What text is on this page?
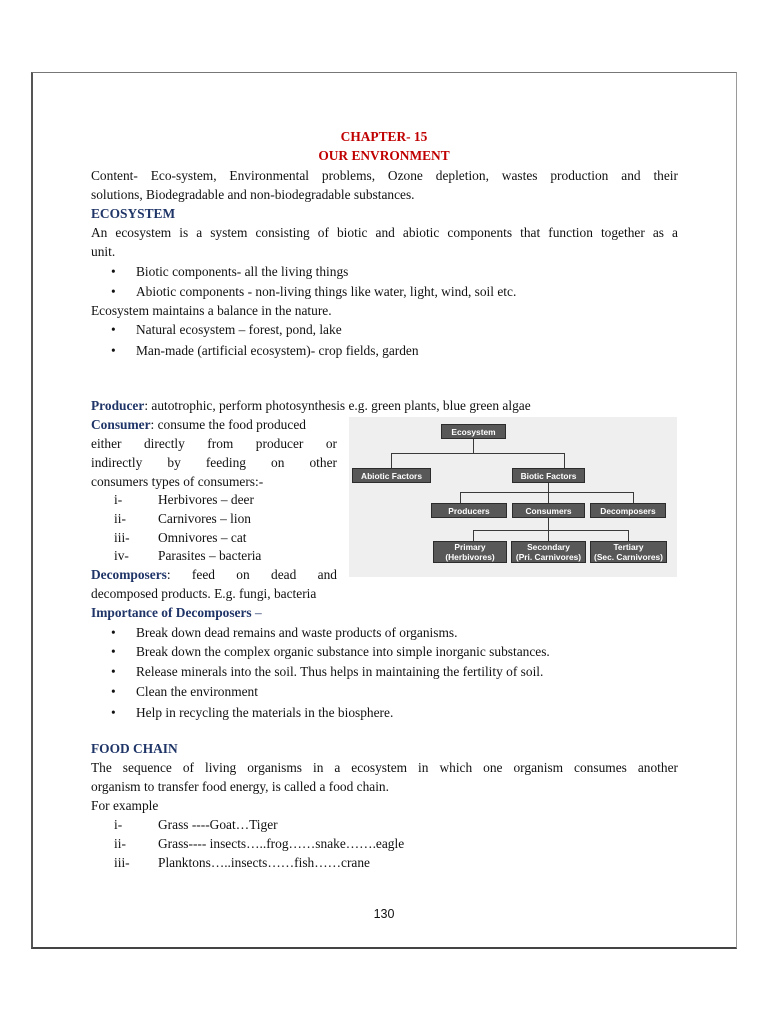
CHAPTER- 15
OUR ENVRONMENT
Content- Eco-system, Environmental problems, Ozone depletion, wastes production and their
solutions, Biodegradable and non-biodegradable substances.
ECOSYSTEM
An ecosystem is a system consisting of biotic and abiotic components that function together as a
unit.
• Biotic components- all the living things
• Abiotic components - non-living things like water, light, wind, soil etc.
Ecosystem maintains a balance in the nature.
• Natural ecosystem – forest, pond, lake
• Man-made (artificial ecosystem)- crop fields, garden
Producer: autotrophic, perform photosynthesis e.g. green plants, blue green algae
Consumer: consume the food produced
either directly from producer or
indirectly by feeding on other
consumers types of consumers:-
i-	Herbivores – deer
ii- Carnivores – lion
iii- Omnivores – cat
iv- Parasites – bacteria
Decomposers: feed on dead and
decomposed products. E.g. fungi, bacteria
Ecosystem
Abiotic Factors	Biotic Factors
Producers	Consumers	Decomposers
Primary
(Herbivores)
Secondary
(Pri. Carnivores)
Tertiary
(Sec. Carnivores)
Importance of Decomposers –
• Break down dead remains and waste products of organisms.
• Break down the complex organic substance into simple inorganic substances.
• Release minerals into the soil. Thus helps in maintaining the fertility of soil.
• Clean the environment
• Help in recycling the materials in the biosphere.
FOOD CHAIN
The sequence of living organisms in a ecosystem in which one organism consumes another
organism to transfer food energy, is called a food chain.
For example
i-	Grass ----Goat…Tiger
ii- Grass---- insects…..frog……snake…….eagle
iii- Planktons…..insects……fish……crane
130
